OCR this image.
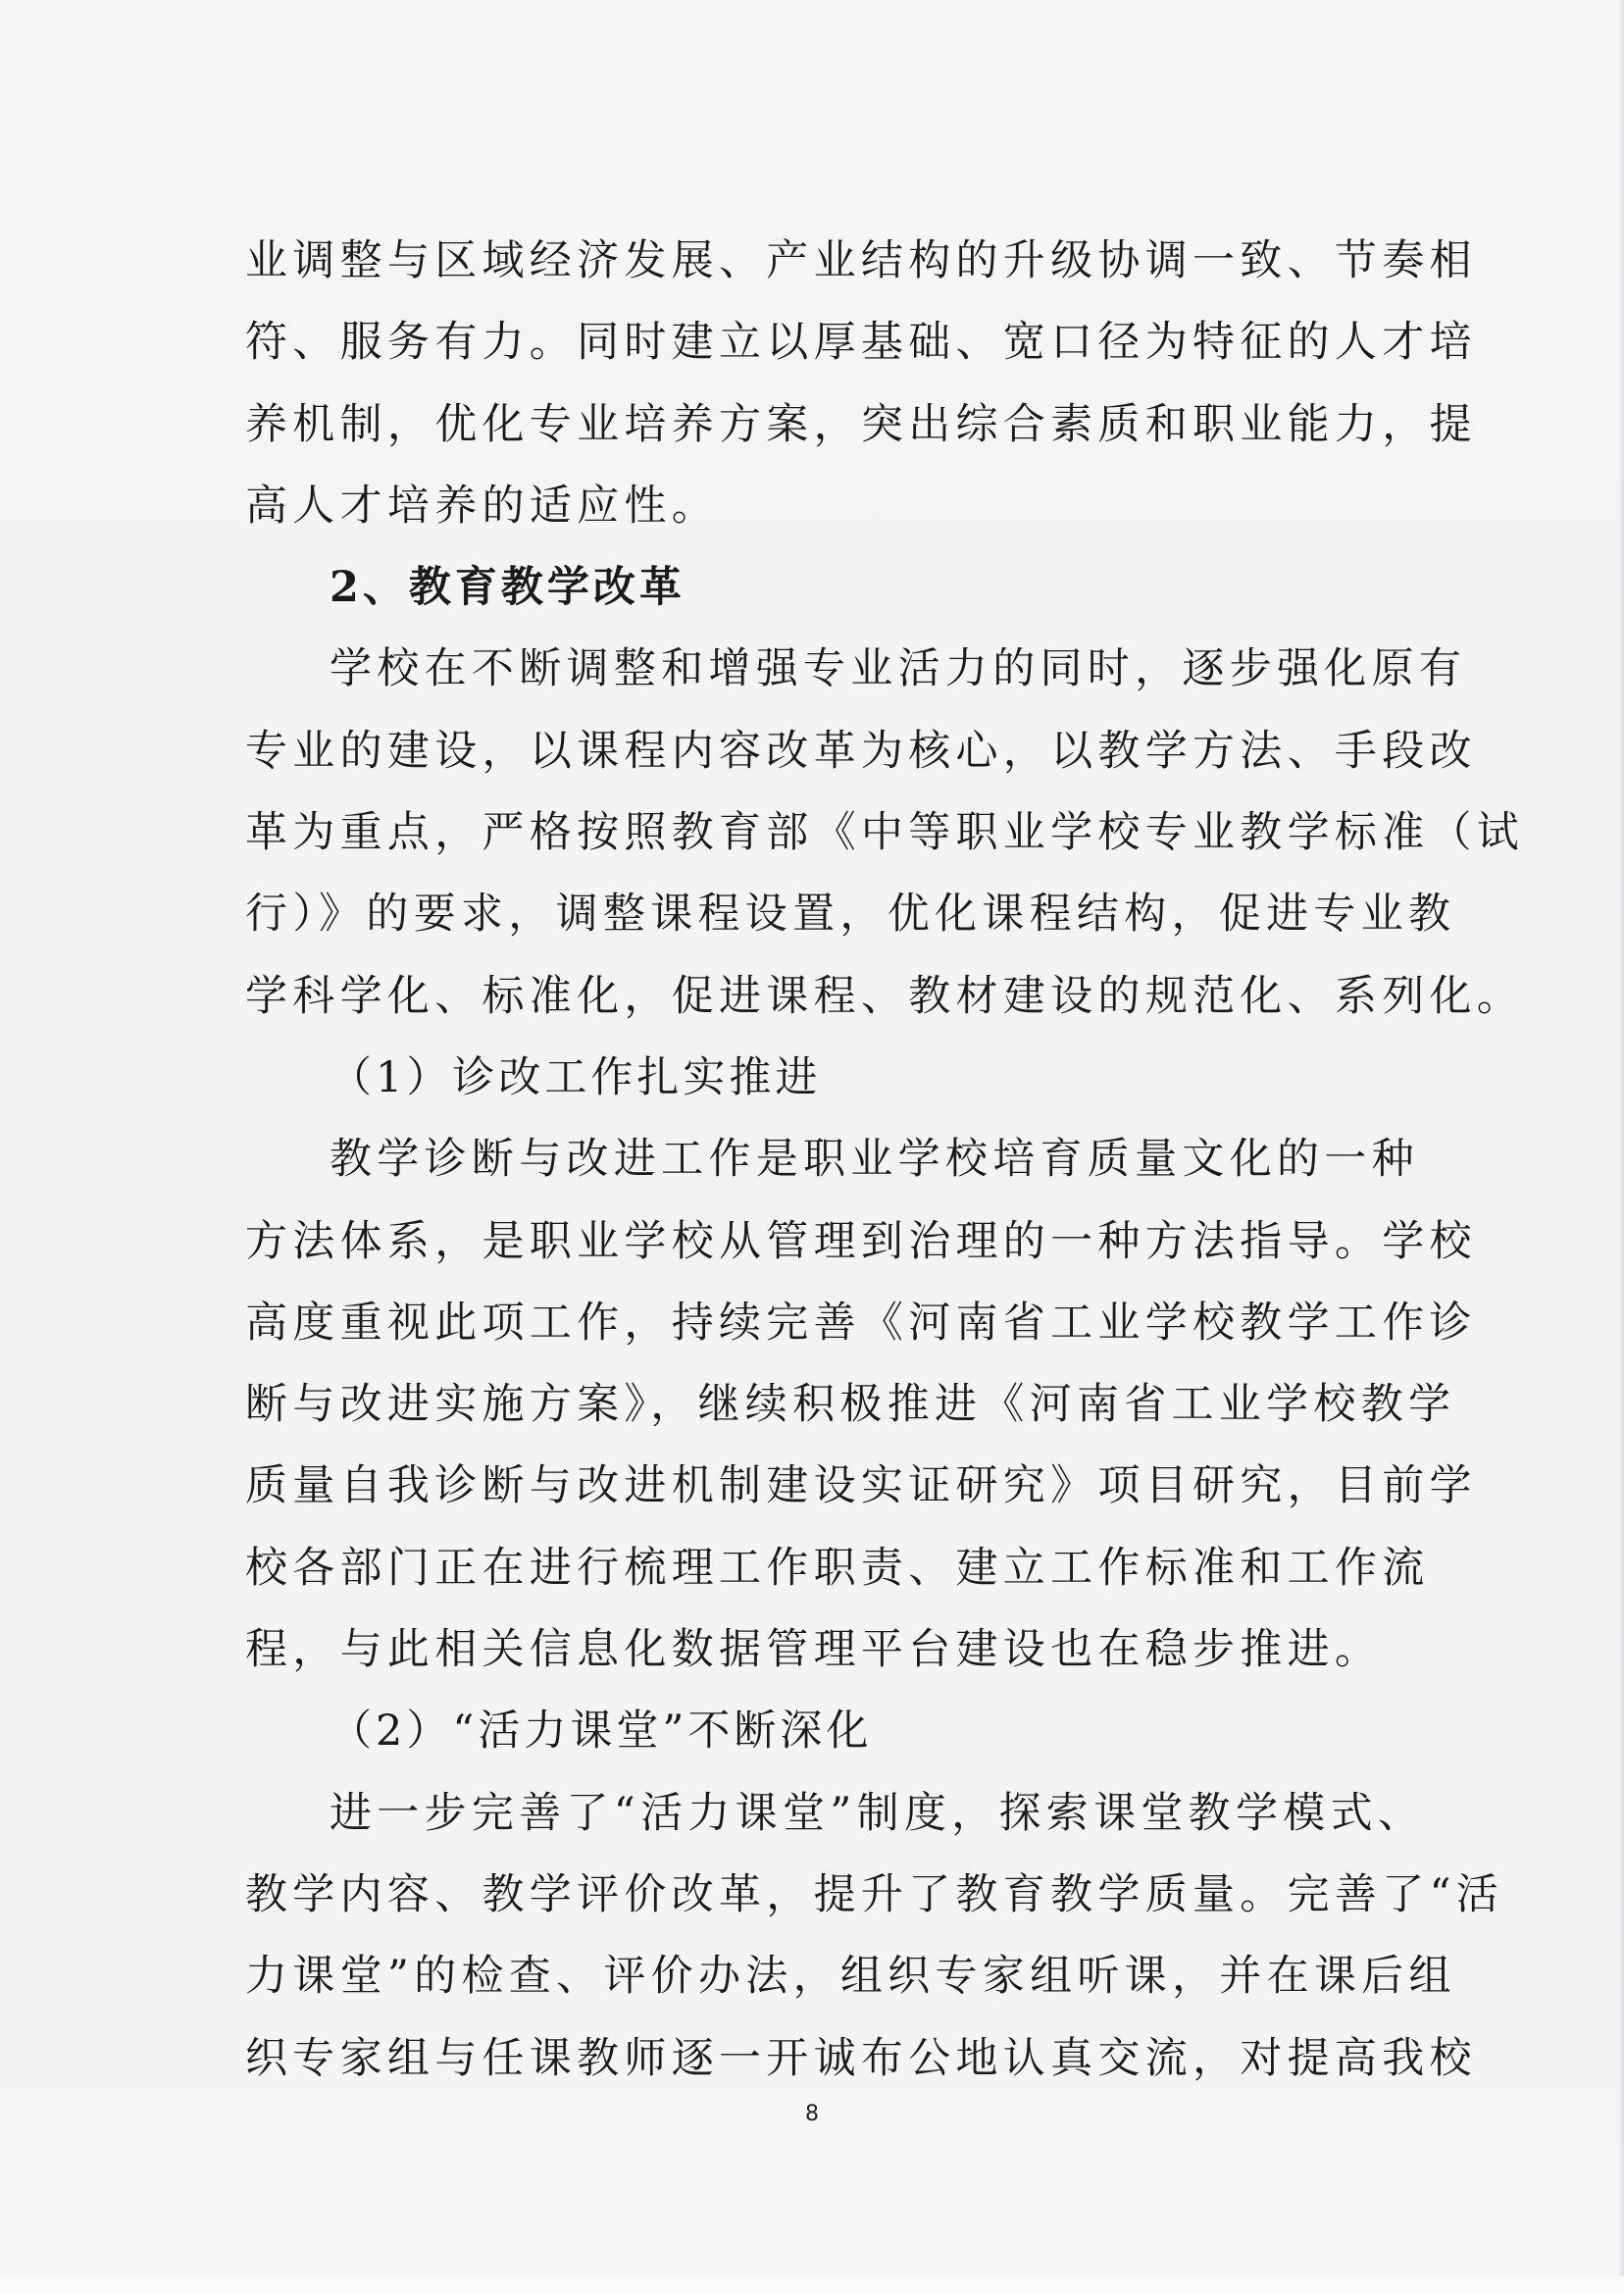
业调整与区域经济发展、产业结构的升级协调一致、节奏相
符、服务有力。同时建立以厚基础、宽口径为特征的人才培
养机制，优化专业培养方案，突出综合素质和职业能力，提
高人才培养的适应性。
2、教育教学改革
学校在不断调整和增强专业活力的同时，逐步强化原有
专业的建设，以课程内容改革为核心，以教学方法、手段改
革为重点，严格按照教育部《中等职业学校专业教学标准（试
行）》的要求，调整课程设置，优化课程结构，促进专业教
学科学化、标准化，促进课程、教材建设的规范化、系列化。
（1）诊改工作扎实推进
教学诊断与改进工作是职业学校培育质量文化的一种
方法体系，是职业学校从管理到治理的一种方法指导。学校
高度重视此项工作，持续完善《河南省工业学校教学工作诊
断与改进实施方案》，继续积极推进《河南省工业学校教学
质量自我诊断与改进机制建设实证研究》项目研究，目前学
校各部门正在进行梳理工作职责、建立工作标准和工作流
程，与此相关信息化数据管理平台建设也在稳步推进。
（2）“活力课堂”不断深化
进一步完善了“活力课堂”制度，探索课堂教学模式、
教学内容、教学评价改革，提升了教育教学质量。完善了“活
力课堂”的检查、评价办法，组织专家组听课，并在课后组
织专家组与任课教师逐一开诚布公地认真交流，对提高我校
8
